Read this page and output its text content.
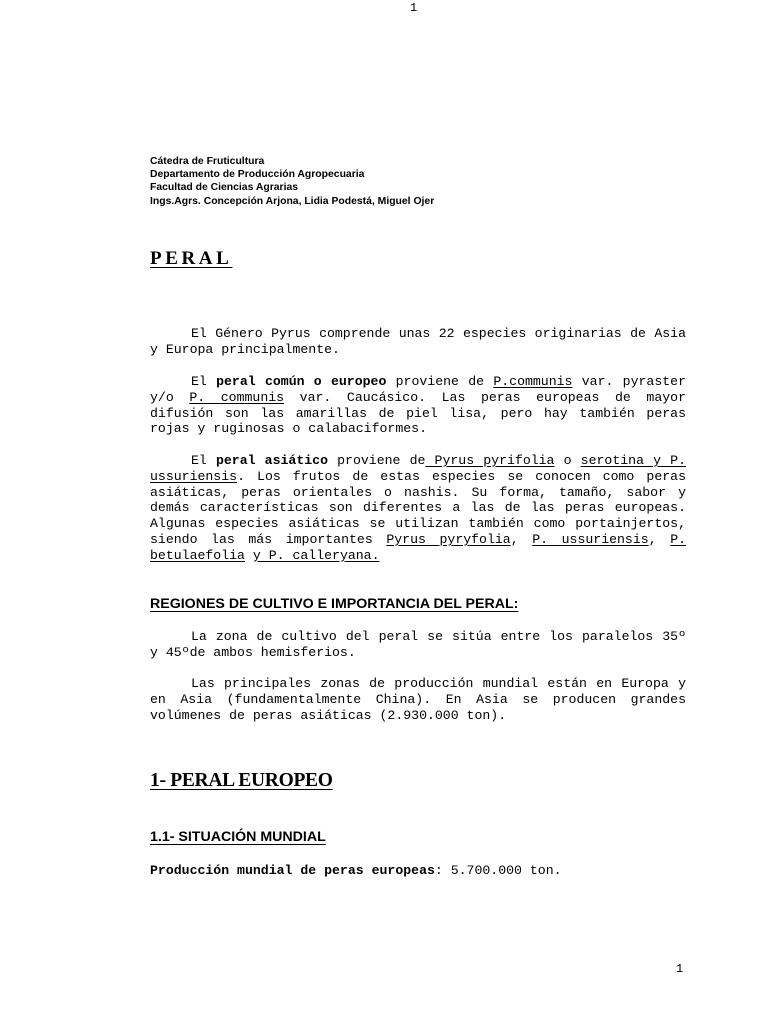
1
Cátedra de Fruticultura
Departamento de Producción Agropecuaria
Facultad de Ciencias Agrarias
Ings.Agrs. Concepción Arjona, Lidia Podestá, Miguel Ojer
PERAL

El Género Pyrus comprende unas 22 especies originarias de Asia y Europa principalmente.

El peral común o europeo proviene de P.communis var. pyraster y/o P. communis var. Caucásico. Las peras europeas de mayor difusión son las amarillas de piel lisa, pero hay también peras rojas y ruginosas o calabaciformes.

El peral asiático proviene de Pyrus pyrifolia o serotina y P. ussuriensis. Los frutos de estas especies se conocen como peras asiáticas, peras orientales o nashis. Su forma, tamaño, sabor y demás características son diferentes a las de las peras europeas. Algunas especies asiáticas se utilizan también como portainjertos, siendo las más importantes Pyrus pyryfolia, P. ussuriensis, P. betulaefolia y P. calleryana.

REGIONES DE CULTIVO E IMPORTANCIA DEL PERAL:

La zona de cultivo del peral se sitúa entre los paralelos 35º y 45ºde ambos hemisferios.

Las principales zonas de producción mundial están en Europa y en Asia (fundamentalmente China). En Asia se producen grandes volúmenes de peras asiáticas (2.930.000 ton).

1- PERAL EUROPEO
1.1- SITUACIÓN MUNDIAL

Producción mundial de peras europeas: 5.700.000 ton.

1
